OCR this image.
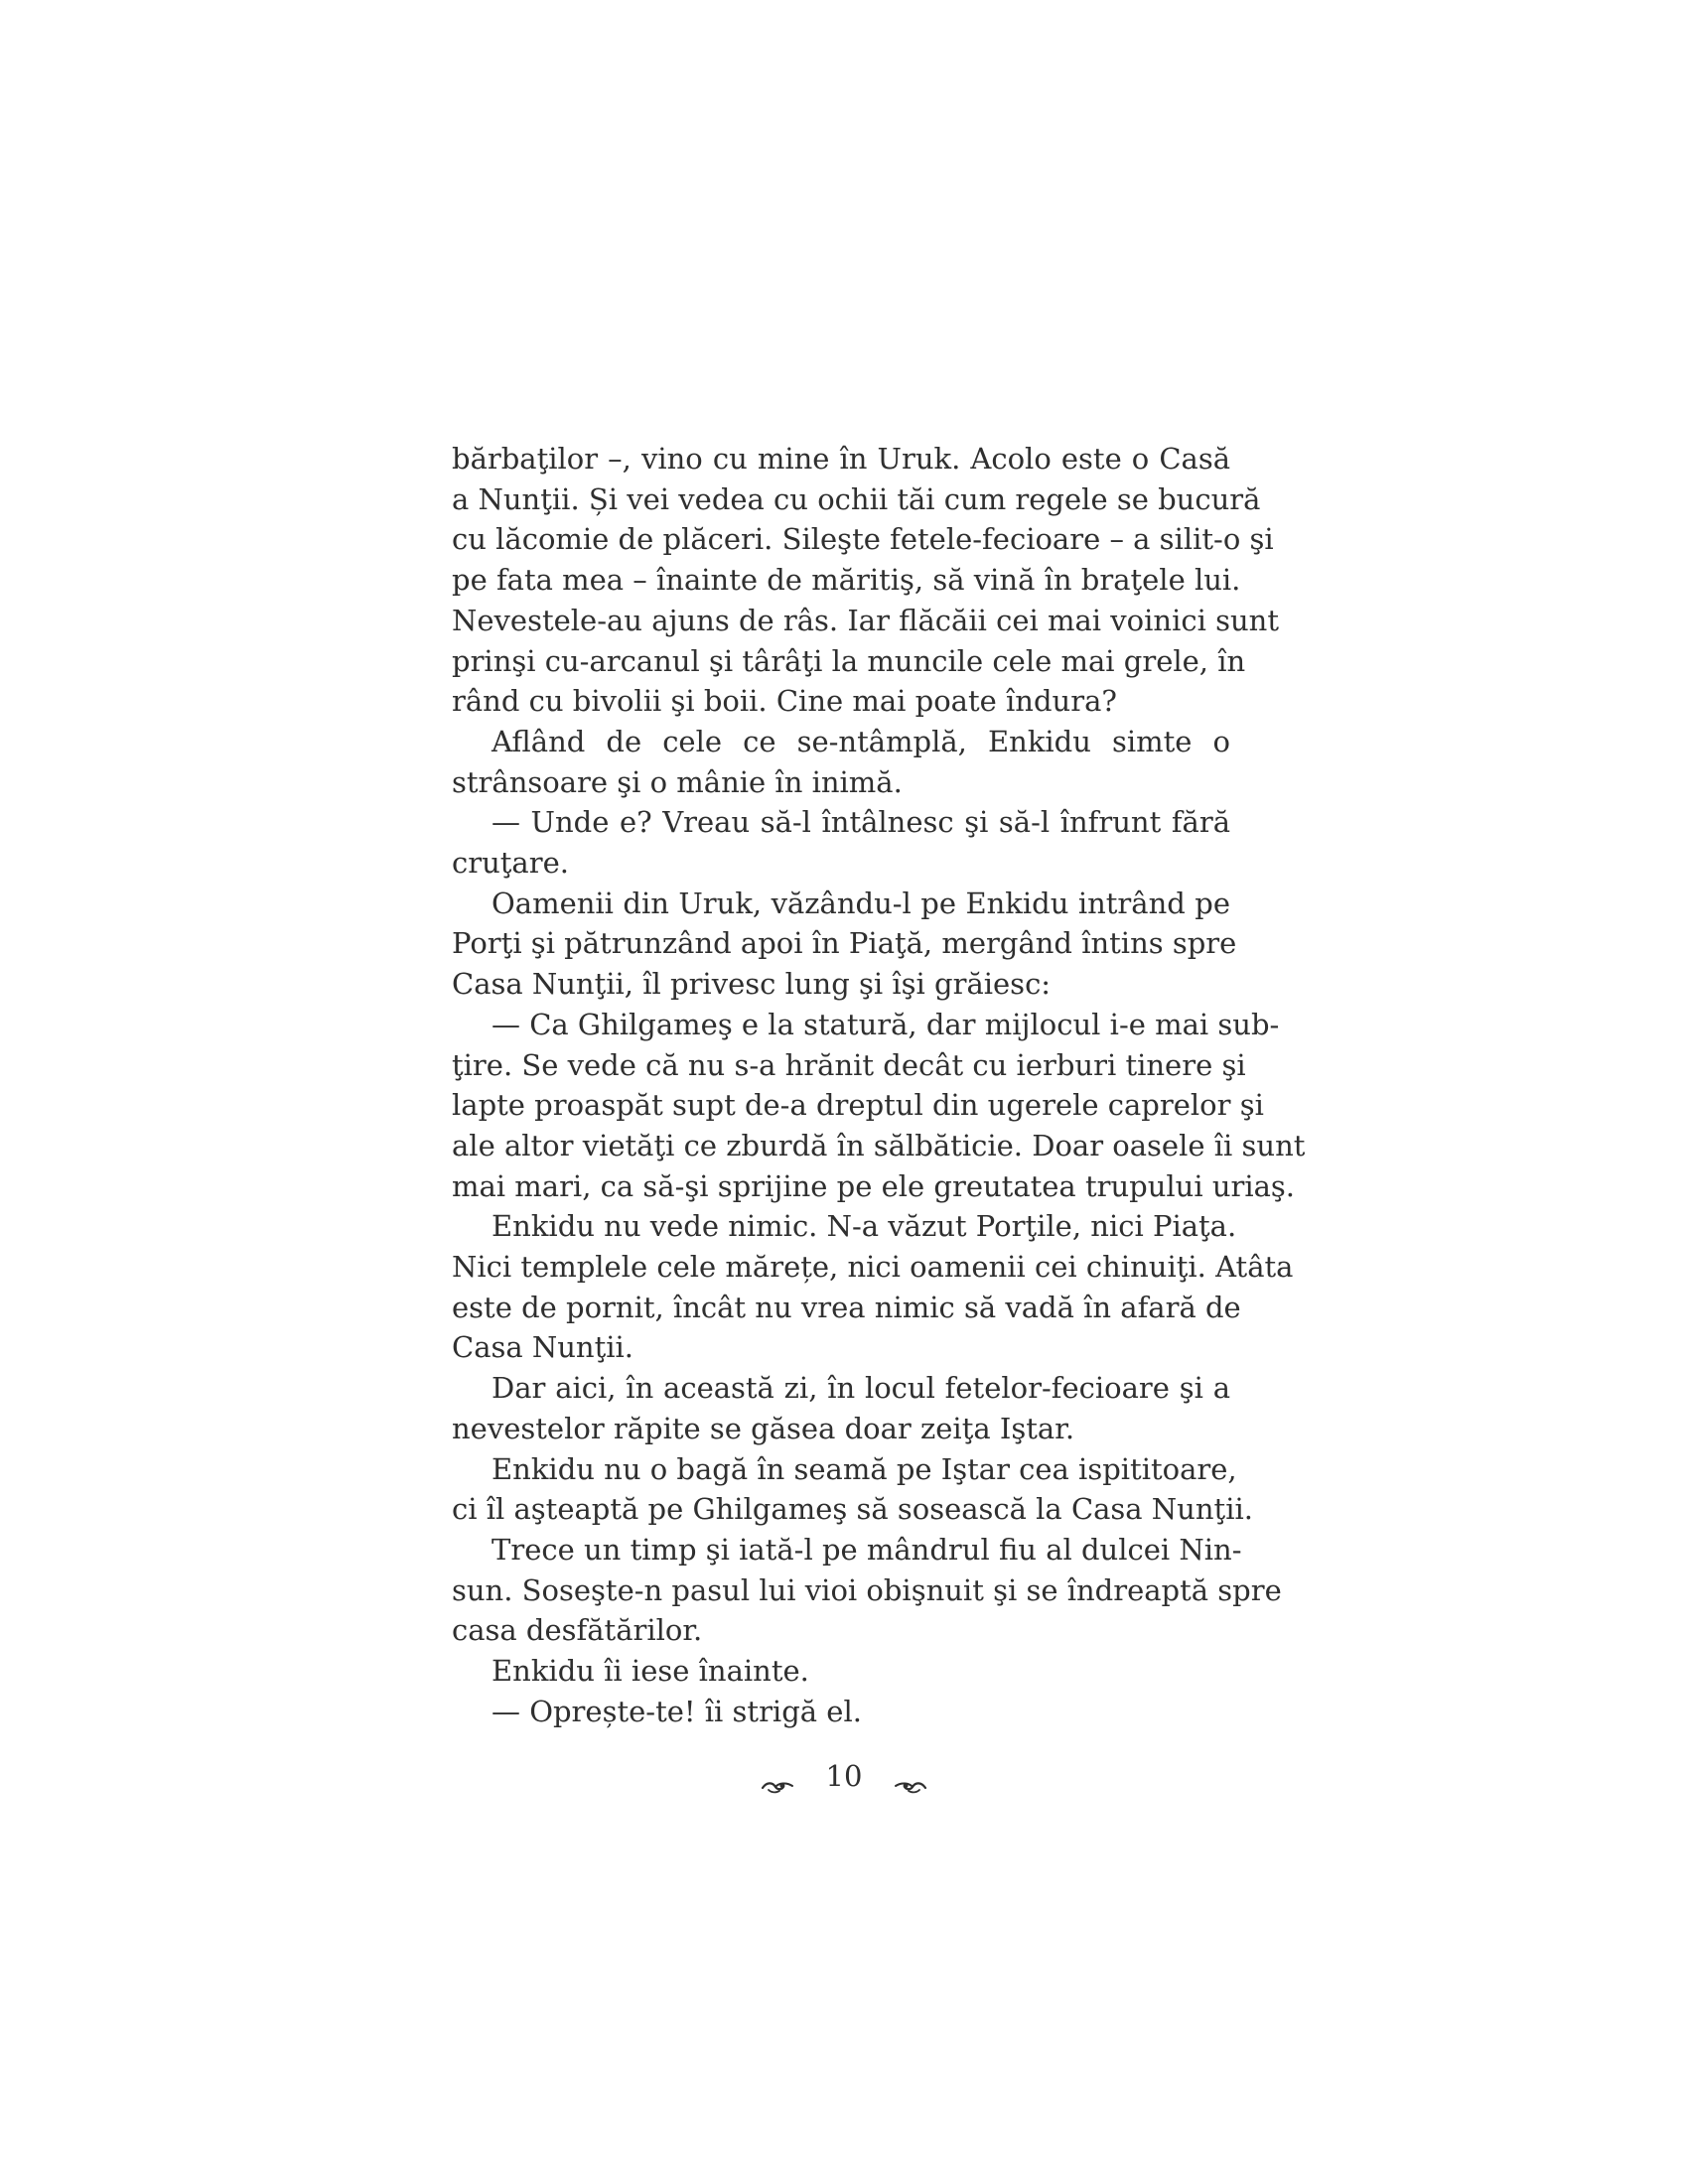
bărbaţilor –, vino cu mine în Uruk. Acolo este o Casă
a Nunţii. Și vei vedea cu ochii tăi cum regele se bucură
cu lăcomie de plăceri. Sileşte fetele-fecioare – a silit-o şi
pe fata mea – înainte de măritiş, să vină în braţele lui.
Nevestele-au ajuns de râs. Iar flăcăii cei mai voinici sunt
prinşi cu-arcanul şi târâţi la muncile cele mai grele, în
rând cu bivolii şi boii. Cine mai poate îndura?

Aflând de cele ce se-ntâmplă, Enkidu simte o
strânsoare şi o mânie în inimă.

— Unde e? Vreau să-l întâlnesc şi să-l înfrunt fără
cruţare.

Oamenii din Uruk, văzându-l pe Enkidu intrând pe
Porţi şi pătrunzând apoi în Piaţă, mergând întins spre
Casa Nunţii, îl privesc lung şi îşi grăiesc:

— Ca Ghilgameş e la statură, dar mijlocul i-e mai sub-
ţire. Se vede că nu s-a hrănit decât cu ierburi tinere şi
lapte proaspăt supt de-a dreptul din ugerele caprelor şi
ale altor vietăţi ce zburdă în sălbăticie. Doar oasele îi sunt
mai mari, ca să-şi sprijine pe ele greutatea trupului uriaş.

Enkidu nu vede nimic. N-a văzut Porţile, nici Piaţa.
Nici templele cele mărețe, nici oamenii cei chinuiţi. Atâta
este de pornit, încât nu vrea nimic să vadă în afară de
Casa Nunţii.

Dar aici, în această zi, în locul fetelor-fecioare şi a
nevestelor răpite se găsea doar zeiţa Iştar.

Enkidu nu o bagă în seamă pe Iştar cea ispititoare,
ci îl aşteaptă pe Ghilgameş să sosească la Casa Nunţii.

Trece un timp şi iată-l pe mândrul fiu al dulcei Nin-
sun. Soseşte-n pasul lui vioi obişnuit şi se îndreaptă spre
casa desfătărilor.

Enkidu îi iese înainte.

— Oprește-te! îi strigă el.

10
